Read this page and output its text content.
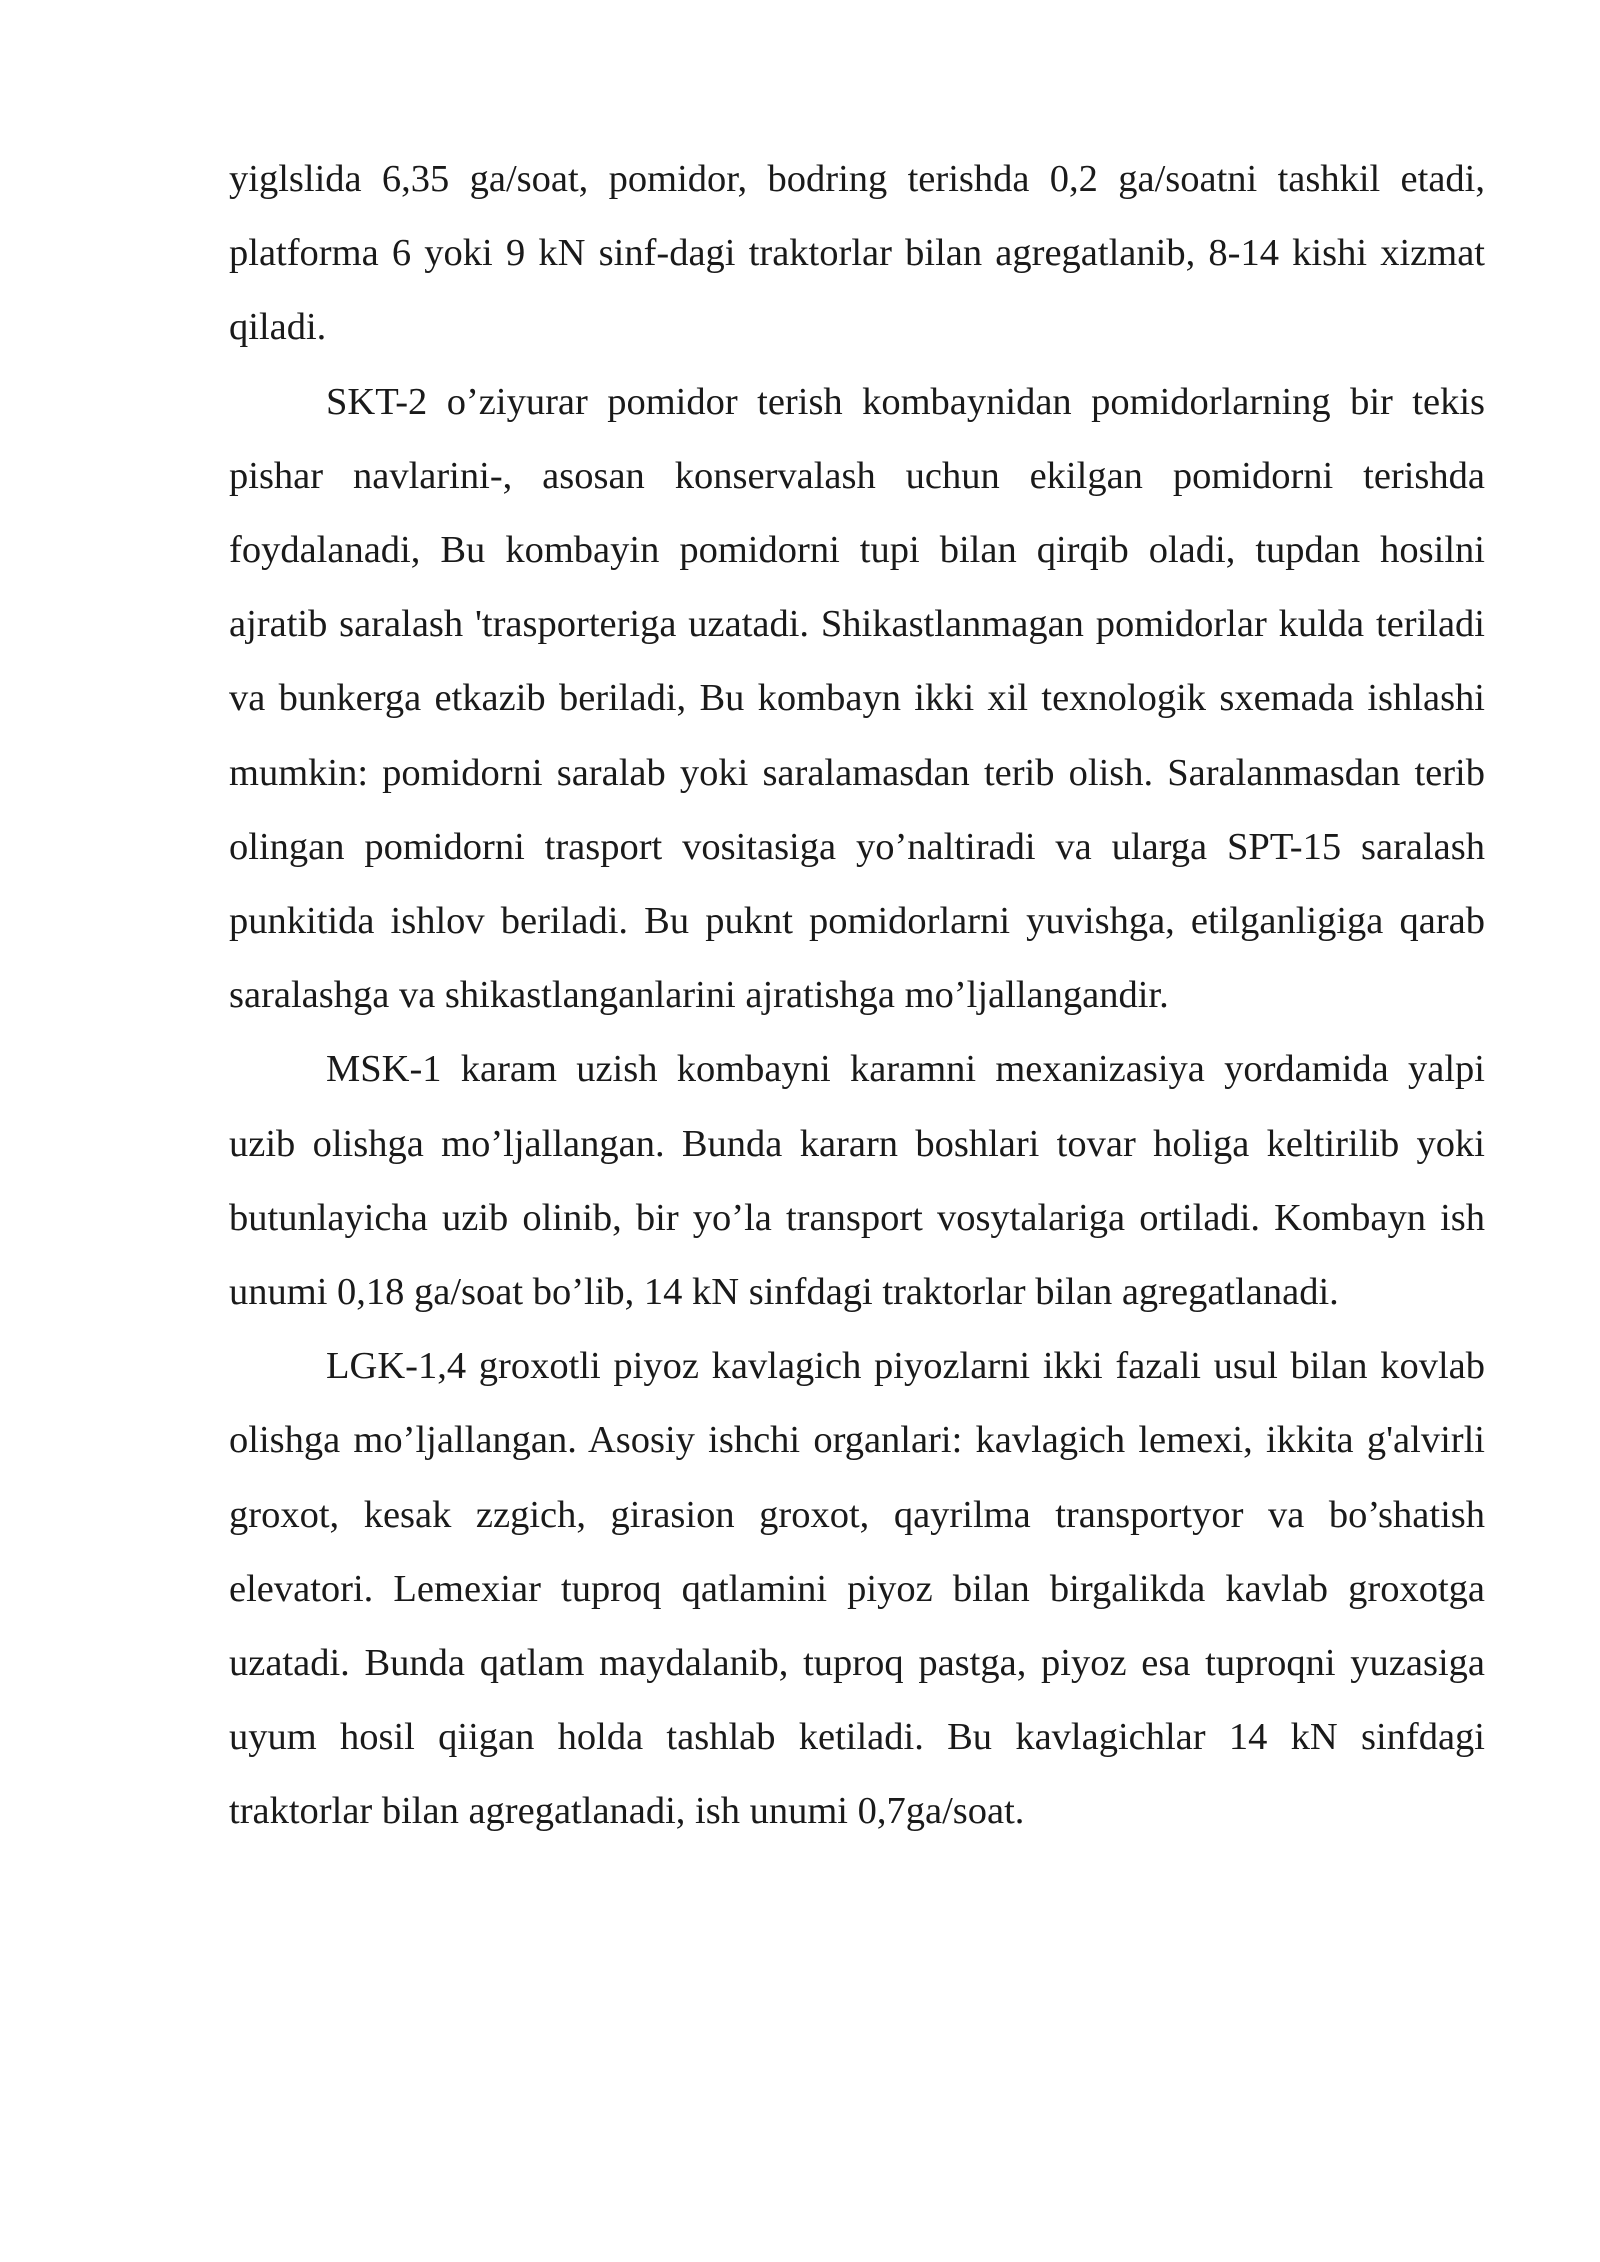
yiglslida 6,35 ga/soat, pomidor, bodring terishda 0,2 ga/soatni tashkil etadi, platforma 6 yoki 9 kN sinf-dagi traktorlar bilan agregatlanib, 8-14 kishi xizmat qiladi.

SKT-2 o’ziyurar pomidor terish kombaynidan pomidorlarning bir tekis pishar navlarini-, asosan konservalash uchun ekilgan pomidorni terishda foydalanadi, Bu kombayin pomidorni tupi bilan qirqib oladi, tupdan hosilni ajratib saralash 'trasporteriga uzatadi. Shikastlanmagan pomidorlar kulda teriladi va bunkerga etkazib beriladi, Bu kombayn ikki xil texnologik sxemada ishlashi mumkin: pomidorni saralab yoki saralamasdan terib olish. Saralanmasdan terib olingan pomidorni trasport vositasiga yo’naltiradi va ularga SPT-15 saralash punkitida ishlov beriladi. Bu puknt pomidorlarni yuvishga, etilganligiga qarab saralashga va shikastlanganlarini ajratishga mo’ljallangandir.

MSK-1 karam uzish kombayni karamni mexanizasiya yordamida yalpi uzib olishga mo’ljallangan. Bunda kararn boshlari tovar holiga keltirilib yoki butunlayicha uzib olinib, bir yo’la transport vosytalariga ortiladi. Kombayn ish unumi 0,18 ga/soat bo’lib, 14 kN sinfdagi traktorlar bilan agregatlanadi.

LGK-1,4 groxotli piyoz kavlagich piyozlarni ikki fazali usul bilan kovlab olishga mo’ljallangan. Asosiy ishchi organlari: kavlagich lemexi, ikkita g'alvirli groxot, kesak zzgich, girasion groxot, qayrilma transportyor va bo’shatish elevatori. Lemexiar tuproq qatlamini piyoz bilan birgalikda kavlab groxotga uzatadi. Bunda qatlam maydalanib, tuproq pastga, piyoz esa tuproqni yuzasiga uyum hosil qiigan holda tashlab ketiladi. Bu kavlagichlar 14 kN sinfdagi traktorlar bilan agregatlanadi, ish unumi 0,7ga/soat.
